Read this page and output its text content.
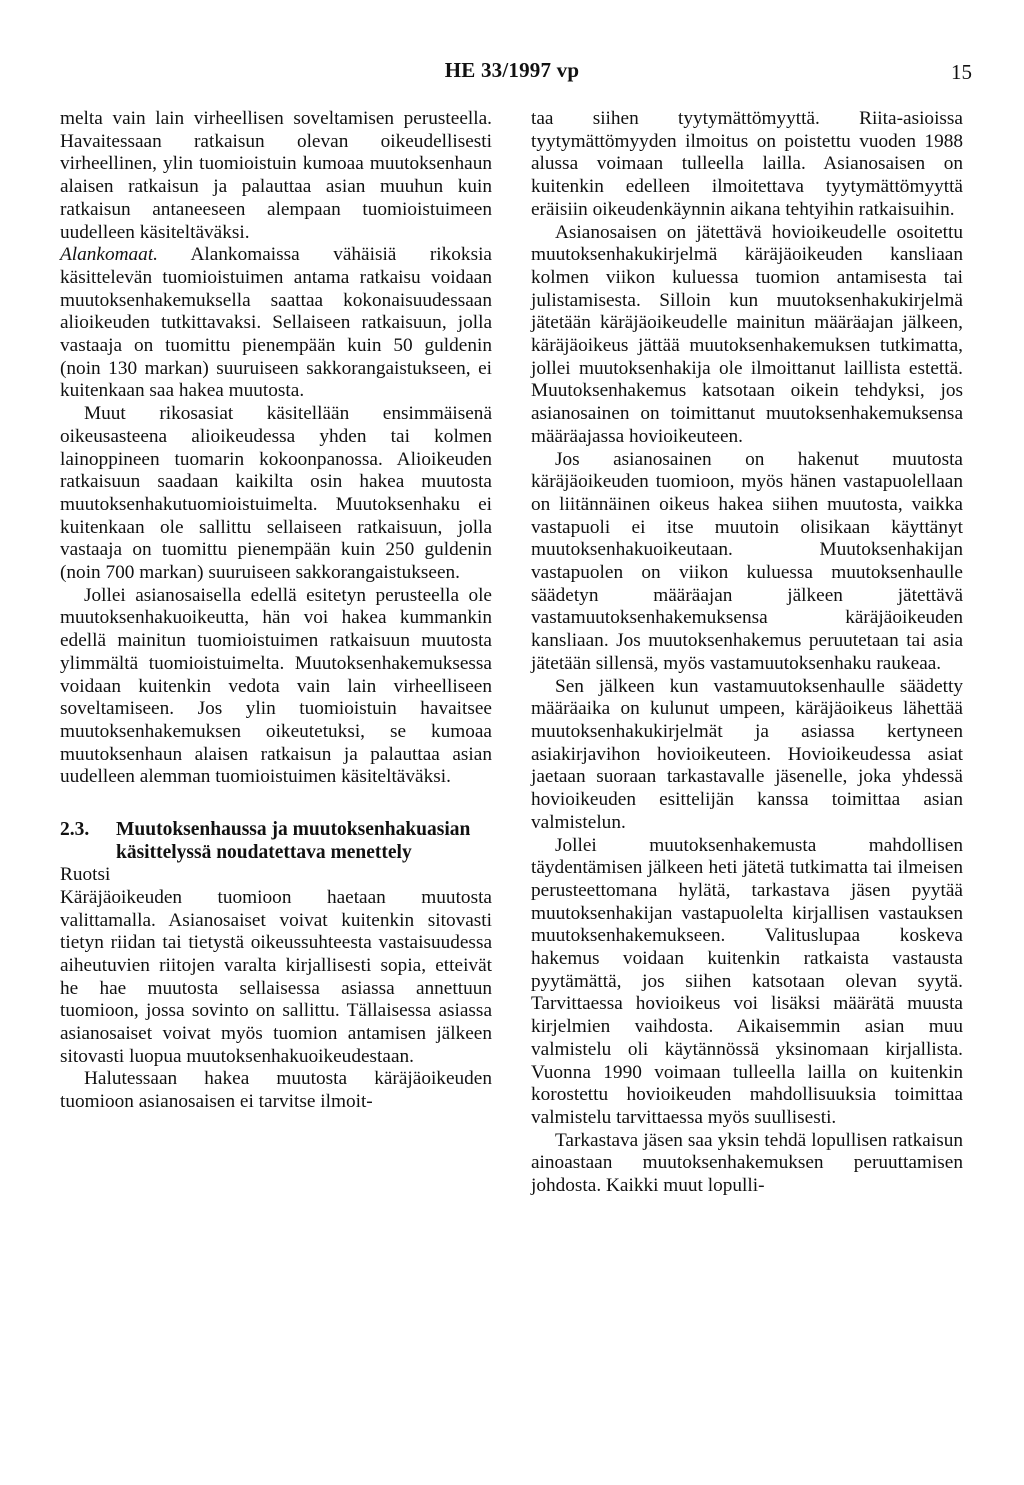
HE 33/1997 vp	15

melta vain lain virheellisen soveltamisen perusteella. Havaitessaan ratkaisun olevan oikeudellisesti virheellinen, ylin tuomioistuin kumoaa muutoksenhaun alaisen ratkaisun ja palauttaa asian muuhun kuin ratkaisun antaneeseen alempaan tuomioistuimeen uudelleen käsiteltäväksi.

Alankomaat. Alankomaissa vähäisiä rikoksia käsittelevän tuomioistuimen antama ratkaisu voidaan muutoksenhakemuksella saattaa kokonaisuudessaan alioikeuden tutkittavaksi. Sellaiseen ratkaisuun, jolla vastaaja on tuomittu pienempään kuin 50 guldenin (noin 130 markan) suuruiseen sakkorangaistukseen, ei kuitenkaan saa hakea muutosta.

Muut rikosasiat käsitellään ensimmäisenä oikeusasteena alioikeudessa yhden tai kolmen lainoppineen tuomarin kokoonpanossa. Alioikeuden ratkaisuun saadaan kaikilta osin hakea muutosta muutoksenhakutuomioistuimelta. Muutoksenhaku ei kuitenkaan ole sallittu sellaiseen ratkaisuun, jolla vastaaja on tuomittu pienempään kuin 250 guldenin (noin 700 markan) suuruiseen sakkorangaistukseen.

Jollei asianosaisella edellä esitetyn perusteella ole muutoksenhakuoikeutta, hän voi hakea kummankin edellä mainitun tuomioistuimen ratkaisuun muutosta ylimmältä tuomioistuimelta. Muutoksenhakemuksessa voidaan kuitenkin vedota vain lain virheelliseen soveltamiseen. Jos ylin tuomioistuin havaitsee muutoksenhakemuksen oikeutetuksi, se kumoaa muutoksenhaun alaisen ratkaisun ja palauttaa asian uudelleen alemman tuomioistuimen käsiteltäväksi.

2.3.	Muutoksenhaussa ja muutoksenhakuasian käsittelyssä noudatettava menettely

Ruotsi

Käräjäoikeuden tuomioon haetaan muutosta valittamalla. Asianosaiset voivat kuitenkin sitovasti tietyn riidan tai tietystä oikeussuhteesta vastaisuudessa aiheutuvien riitojen varalta kirjallisesti sopia, etteivät he hae muutosta sellaisessa asiassa annettuun tuomioon, jossa sovinto on sallittu. Tällaisessa asiassa asianosaiset voivat myös tuomion antamisen jälkeen sitovasti luopua muutoksenhakuoikeudestaan.

Halutessaan hakea muutosta käräjäoikeuden tuomioon asianosaisen ei tarvitse ilmoit-

taa siihen tyytymättömyyttä. Riita-asioissa tyytymättömyyden ilmoitus on poistettu vuoden 1988 alussa voimaan tulleella lailla. Asianosaisen on kuitenkin edelleen ilmoitettava tyytymättömyyttä eräisiin oikeudenkäynnin aikana tehtyihin ratkaisuihin.

Asianosaisen on jätettävä hovioikeudelle osoitettu muutoksenhakukirjelmä käräjäoikeuden kansliaan kolmen viikon kuluessa tuomion antamisesta tai julistamisesta. Silloin kun muutoksenhakukirjelmä jätetään käräjäoikeudelle mainitun määräajan jälkeen, käräjäoikeus jättää muutoksenhakemuksen tutkimatta, jollei muutoksenhakija ole ilmoittanut laillista estettä. Muutoksenhakemus katsotaan oikein tehdyksi, jos asianosainen on toimittanut muutoksenhakemuksensa määräajassa hovioikeuteen.

Jos asianosainen on hakenut muutosta käräjäoikeuden tuomioon, myös hänen vastapuolellaan on liitännäinen oikeus hakea siihen muutosta, vaikka vastapuoli ei itse muutoin olisikaan käyttänyt muutoksenhakuoikeutaan. Muutoksenhakijan vastapuolen on viikon kuluessa muutoksenhaulle säädetyn määräajan jälkeen jätettävä vastamuutoksenhakemuksensa käräjäoikeuden kansliaan. Jos muutoksenhakemus peruutetaan tai asia jätetään sillensä, myös vastamuutoksenhaku raukeaa.

Sen jälkeen kun vastamuutoksenhaulle säädetty määräaika on kulunut umpeen, käräjäoikeus lähettää muutoksenhakukirjelmät ja asiassa kertyneen asiakirjavihon hovioikeuteen. Hovioikeudessa asiat jaetaan suoraan tarkastavalle jäsenelle, joka yhdessä hovioikeuden esittelijän kanssa toimittaa asian valmistelun.

Jollei muutoksenhakemusta mahdollisen täydentämisen jälkeen heti jätetä tutkimatta tai ilmeisen perusteettomana hylätä, tarkastava jäsen pyytää muutoksenhakijan vastapuolelta kirjallisen vastauksen muutoksenhakemukseen. Valituslupaa koskeva hakemus voidaan kuitenkin ratkaista vastausta pyytämättä, jos siihen katsotaan olevan syytä. Tarvittaessa hovioikeus voi lisäksi määrätä muusta kirjelmien vaihdosta. Aikaisemmin asian muu valmistelu oli käytännössä yksinomaan kirjallista. Vuonna 1990 voimaan tulleella lailla on kuitenkin korostettu hovioikeuden mahdollisuuksia toimittaa valmistelu tarvittaessa myös suullisesti.

Tarkastava jäsen saa yksin tehdä lopullisen ratkaisun ainoastaan muutoksenhakemuksen peruuttamisen johdosta. Kaikki muut lopulli-
